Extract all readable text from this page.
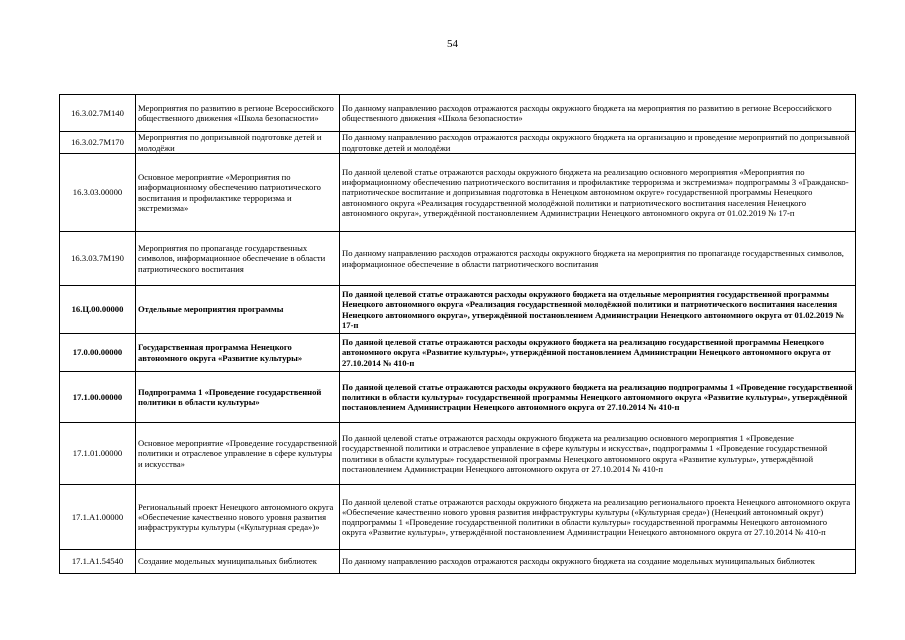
54
16.3.02.7М140	Мероприятия по развитию в регионе Всероссийского общественного движения «Школа безопасности»	По данному направлению расходов отражаются расходы окружного бюджета на мероприятия по развитию в регионе Всероссийского общественного движения «Школа безопасности»
16.3.02.7М170	Мероприятия по допризывной подготовке детей и молодёжи	По данному направлению расходов отражаются расходы окружного бюджета на организацию и проведение мероприятий по допризывной подготовке детей и молодёжи
16.3.03.00000	Основное мероприятие «Мероприятия по информационному обеспечению патриотического воспитания и профилактике терроризма и экстремизма»	По данной целевой статье отражаются расходы окружного бюджета на реализацию основного мероприятия «Мероприятия по информационному обеспечению патриотического воспитания и профилактике терроризма и экстремизма» подпрограммы 3 «Гражданско-патриотическое воспитание и допризывная подготовка в Ненецком автономном округе» государственной программы Ненецкого автономного округа «Реализация государственной молодёжной политики и патриотического воспитания населения Ненецкого автономного округа», утверждённой постановлением Администрации Ненецкого автономного округа от 01.02.2019 № 17-п
16.3.03.7М190	Мероприятия по пропаганде государственных символов, информационное обеспечение в области патриотического воспитания	По данному направлению расходов отражаются расходы окружного бюджета на мероприятия по пропаганде государственных символов, информационное обеспечение в области патриотического воспитания
16.Ц.00.00000	Отдельные мероприятия программы	По данной целевой статье отражаются расходы окружного бюджета на отдельные мероприятия государственной программы Ненецкого автономного округа «Реализация государственной молодёжной политики и патриотического воспитания населения Ненецкого автономного округа», утверждённой постановлением Администрации Ненецкого автономного округа от 01.02.2019 № 17-п
17.0.00.00000	Государственная программа Ненецкого автономного округа «Развитие культуры»	По данной целевой статье отражаются расходы окружного бюджета на реализацию государственной программы Ненецкого автономного округа «Развитие культуры», утверждённой постановлением Администрации Ненецкого автономного округа от 27.10.2014 № 410-п
17.1.00.00000	Подпрограмма 1 «Проведение государственной политики в области культуры»	По данной целевой статье отражаются расходы окружного бюджета на реализацию подпрограммы 1 «Проведение государственной политики в области культуры» государственной программы Ненецкого автономного округа «Развитие культуры», утверждённой постановлением Администрации Ненецкого автономного округа от 27.10.2014 № 410-п
17.1.01.00000	Основное мероприятие «Проведение государственной политики и отраслевое управление в сфере культуры и искусства»	По данной целевой статье отражаются расходы окружного бюджета на реализацию основного мероприятия 1 «Проведение государственной политики и отраслевое управление в сфере культуры и искусства», подпрограммы 1 «Проведение государственной политики в области культуры» государственной программы Ненецкого автономного округа «Развитие культуры», утверждённой постановлением Администрации Ненецкого автономного округа от 27.10.2014 № 410-п
17.1.А1.00000	Региональный проект Ненецкого автономного округа «Обеспечение качественно нового уровня развития инфраструктуры культуры («Культурная среда»)»	По данной целевой статье отражаются расходы окружного бюджета на реализацию регионального проекта Ненецкого автономного округа «Обеспечение качественно нового уровня развития инфраструктуры культуры («Культурная среда») (Ненецкий автономный округ) подпрограммы 1 «Проведение государственной политики в области культуры» государственной программы Ненецкого автономного округа «Развитие культуры», утверждённой постановлением Администрации Ненецкого автономного округа от 27.10.2014 № 410-п
17.1.А1.54540	Создание модельных муниципальных библиотек	По данному направлению расходов отражаются расходы окружного бюджета на создание модельных муниципальных библиотек
